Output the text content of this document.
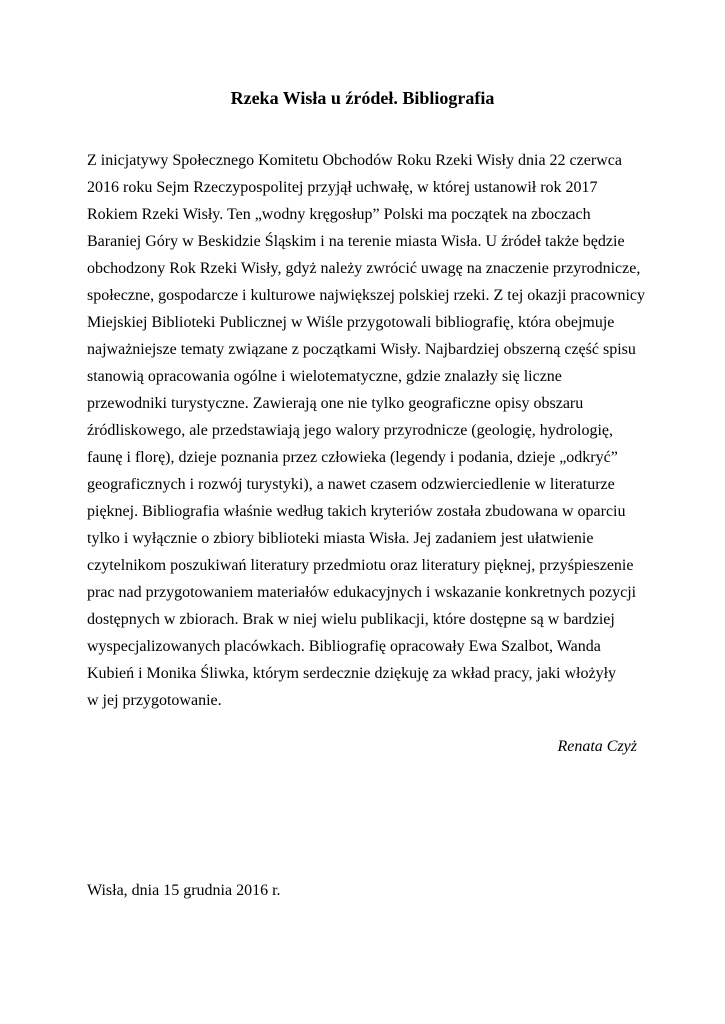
Rzeka Wisła u źródeł. Bibliografia
Z inicjatywy Społecznego Komitetu Obchodów Roku Rzeki Wisły dnia 22 czerwca
2016 roku Sejm Rzeczypospolitej przyjął uchwałę, w której ustanowił rok 2017
Rokiem Rzeki Wisły. Ten „wodny kręgosłup” Polski ma początek na zboczach
Baraniej Góry w Beskidzie Śląskim i na terenie miasta Wisła. U źródeł także będzie
obchodzony Rok Rzeki Wisły, gdyż należy zwrócić uwagę na znaczenie przyrodnicze,
społeczne, gospodarcze i kulturowe największej polskiej rzeki. Z tej okazji pracownicy
Miejskiej Biblioteki Publicznej w Wiśle przygotowali bibliografię, która obejmuje
najważniejsze tematy związane z początkami Wisły. Najbardziej obszerną część spisu
stanowią opracowania ogólne i wielotematyczne, gdzie znalazły się liczne
przewodniki turystyczne. Zawierają one nie tylko geograficzne opisy obszaru
źródliskowego, ale przedstawiają jego walory przyrodnicze (geologię, hydrologię,
faunę i florę), dzieje poznania przez człowieka (legendy i podania, dzieje „odkryć”
geograficznych i rozwój turystyki), a nawet czasem odzwierciedlenie w literaturze
pięknej. Bibliografia właśnie według takich kryteriów została zbudowana w oparciu
tylko i wyłącznie o zbiory biblioteki miasta Wisła. Jej zadaniem jest ułatwienie
czytelnikom poszukiwań literatury przedmiotu oraz literatury pięknej, przyśpieszenie
prac nad przygotowaniem materiałów edukacyjnych i wskazanie konkretnych pozycji
dostępnych w zbiorach. Brak w niej wielu publikacji, które dostępne są w bardziej
wyspecjalizowanych placówkach. Bibliografię opracowały Ewa Szalbot, Wanda
Kubień i Monika Śliwka, którym serdecznie dziękuję za wkład pracy, jaki włożyły
w jej przygotowanie.
Renata Czyż
Wisła, dnia 15 grudnia 2016 r.
